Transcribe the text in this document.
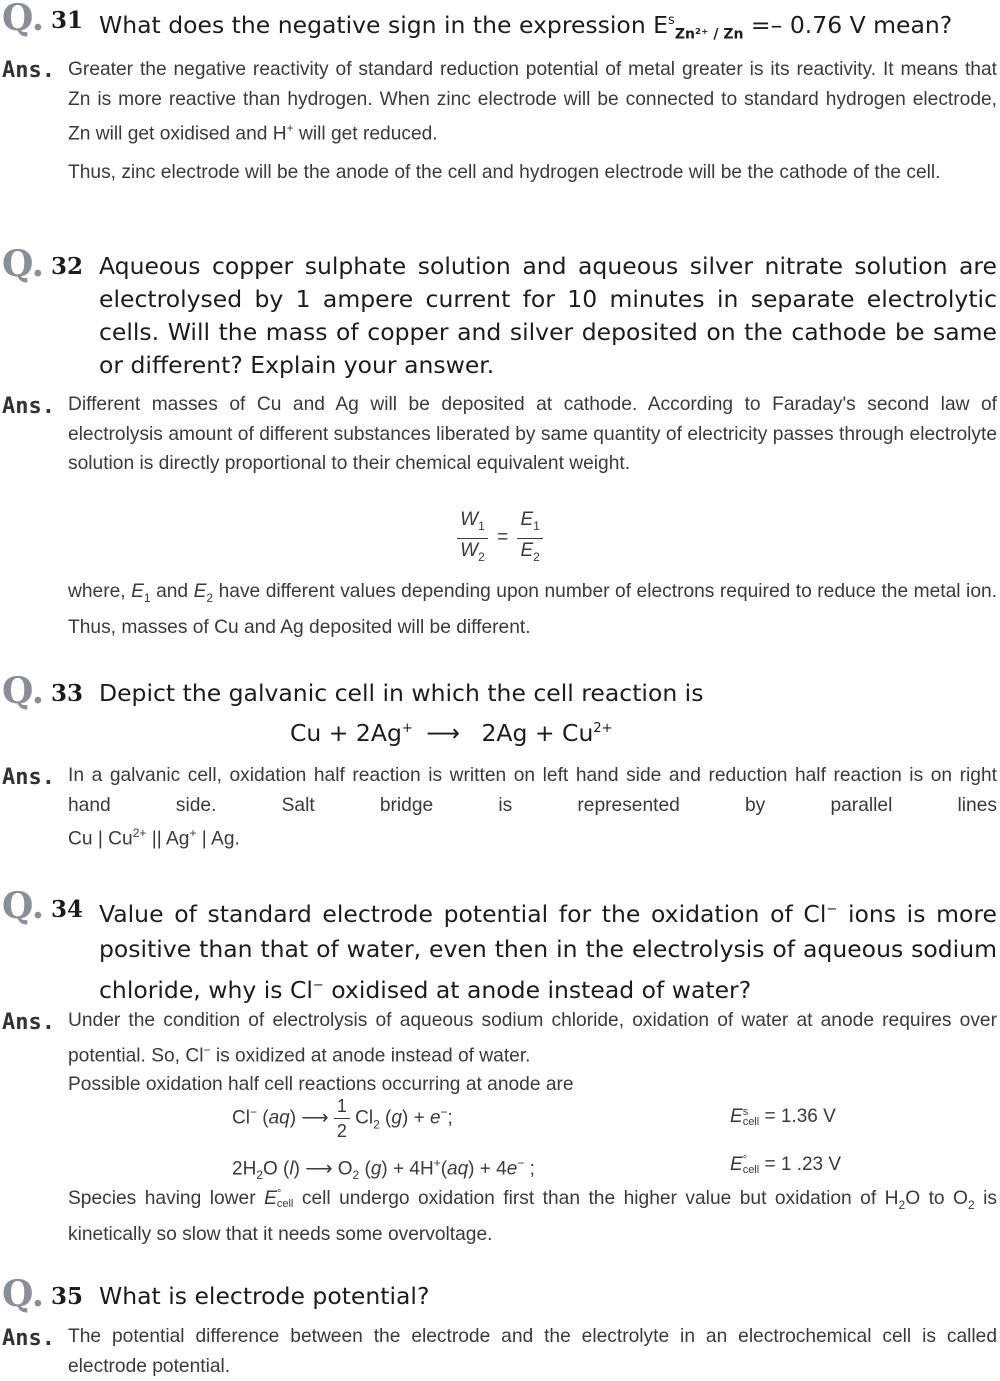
Q. 31 What does the negative sign in the expression $E^s_{Zn^{2+} / Zn} =- 0.76$ V mean?
Ans. Greater the negative reactivity of standard reduction potential of metal greater is its reactivity. It means that Zn is more reactive than hydrogen. When zinc electrode will be connected to standard hydrogen electrode, Zn will get oxidised and H+ will get reduced.

Thus, zinc electrode will be the anode of the cell and hydrogen electrode will be the cathode of the cell.

Q. 32 Aqueous copper sulphate solution and aqueous silver nitrate solution are electrolysed by 1 ampere current for 10 minutes in separate electrolytic cells. Will the mass of copper and silver deposited on the cathode be same or different? Explain your answer.
Ans. Different masses of Cu and Ag will be deposited at cathode. According to Faraday's second law of electrolysis amount of different substances liberated by same quantity of electricity passes through electrolyte solution is directly proportional to their chemical equivalent weight.

$\frac{W_1}{W_2} = \frac{E_1}{E_2}$

where, $E_1$ and $E_2$ have different values depending upon number of electrons required to reduce the metal ion. Thus, masses of Cu and Ag deposited will be different.

Q. 33 Depict the galvanic cell in which the cell reaction is
Cu + 2Ag+ ⟶ $2Ag + Cu^{2+}$
Ans. In a galvanic cell, oxidation half reaction is written on left hand side and reduction half reaction is on right hand side. Salt bridge is represented by parallel lines

Cu | $Cu^{2+}$ || Ag+ | Ag.

Q. 34 Value of standard electrode potential for the oxidation of Cl− ions is more positive than that of water, even then in the electrolysis of aqueous sodium chloride, why is Cl− oxidised at anode instead of water?
Ans. Under the condition of electrolysis of aqueous sodium chloride, oxidation of water at anode requires over potential. So, Cl− is oxidized at anode instead of water.

Possible oxidation half cell reactions occurring at anode are

Cl− (aq) ⟶ $\frac{1}{2} Cl_2$ (g) + e−;	E s
cell = 1.36 V
$2H_2O$ (l) ⟶ $O_2$ (g) + 4H+(aq) + 4e− ;	E °
cell = 1 .23 V

Species having lower E °
cell cell undergo oxidation first than the higher value but oxidation of $H_2O$ to $O_2$ is kinetically so slow that it needs some overvoltage.

Q. 35 What is electrode potential?
Ans. The potential difference between the electrode and the electrolyte in an electrochemical cell is called electrode potential.
